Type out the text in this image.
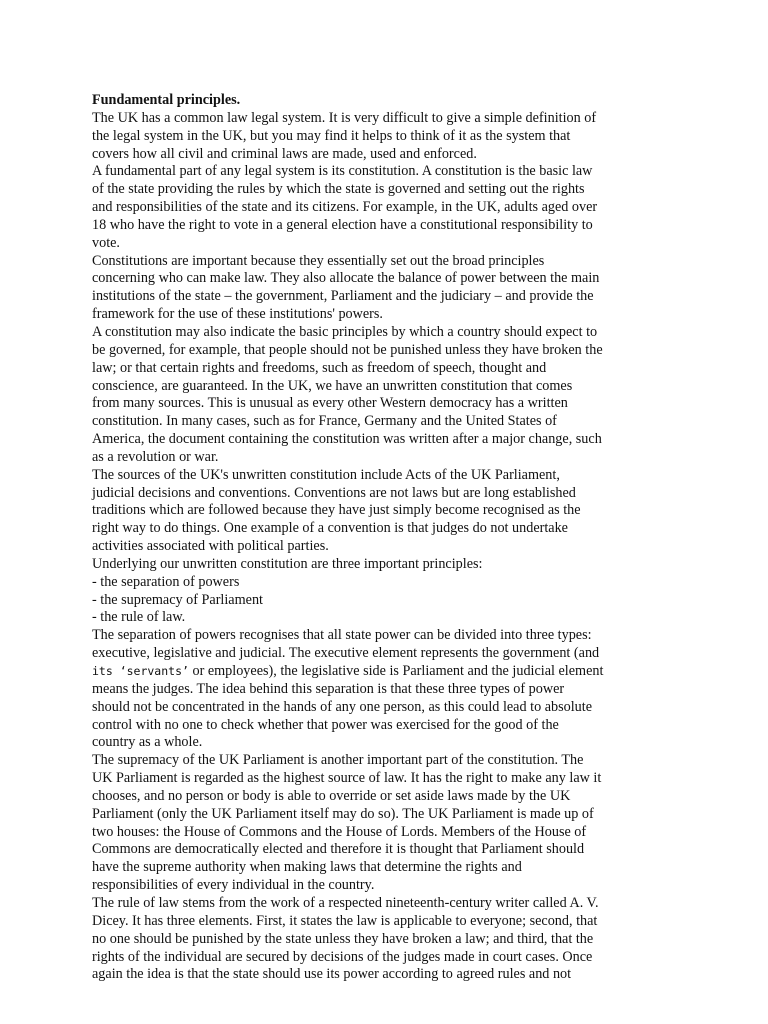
Fundamental principles.

The UK has a common law legal system. It is very difficult to give a simple definition of
the legal system in the UK, but you may find it helps to think of it as the system that
covers how all civil and criminal laws are made, used and enforced.

A fundamental part of any legal system is its constitution. A constitution is the basic law
of the state providing the rules by which the state is governed and setting out the rights
and responsibilities of the state and its citizens. For example, in the UK, adults aged over
18 who have the right to vote in a general election have a constitutional responsibility to
vote.

Constitutions are important because they essentially set out the broad principles
concerning who can make law. They also allocate the balance of power between the main
institutions of the state – the government, Parliament and the judiciary – and provide the
framework for the use of these institutions' powers.

A constitution may also indicate the basic principles by which a country should expect to
be governed, for example, that people should not be punished unless they have broken the
law; or that certain rights and freedoms, such as freedom of speech, thought and
conscience, are guaranteed. In the UK, we have an unwritten constitution that comes
from many sources. This is unusual as every other Western democracy has a written
constitution. In many cases, such as for France, Germany and the United States of
America, the document containing the constitution was written after a major change, such
as a revolution or war.

The sources of the UK's unwritten constitution include Acts of the UK Parliament,
judicial decisions and conventions. Conventions are not laws but are long established
traditions which are followed because they have just simply become recognised as the
right way to do things. One example of a convention is that judges do not undertake
activities associated with political parties.

Underlying our unwritten constitution are three important principles:
- the separation of powers
- the supremacy of Parliament
- the rule of law.

The separation of powers recognises that all state power can be divided into three types:
executive, legislative and judicial. The executive element represents the government (and
its ‘servants’ or employees), the legislative side is Parliament and the judicial element
means the judges. The idea behind this separation is that these three types of power
should not be concentrated in the hands of any one person, as this could lead to absolute
control with no one to check whether that power was exercised for the good of the
country as a whole.

The supremacy of the UK Parliament is another important part of the constitution. The
UK Parliament is regarded as the highest source of law. It has the right to make any law it
chooses, and no person or body is able to override or set aside laws made by the UK
Parliament (only the UK Parliament itself may do so). The UK Parliament is made up of
two houses: the House of Commons and the House of Lords. Members of the House of
Commons are democratically elected and therefore it is thought that Parliament should
have the supreme authority when making laws that determine the rights and
responsibilities of every individual in the country.

The rule of law stems from the work of a respected nineteenth-century writer called A. V.
Dicey. It has three elements. First, it states the law is applicable to everyone; second, that
no one should be punished by the state unless they have broken a law; and third, that the
rights of the individual are secured by decisions of the judges made in court cases. Once
again the idea is that the state should use its power according to agreed rules and not
